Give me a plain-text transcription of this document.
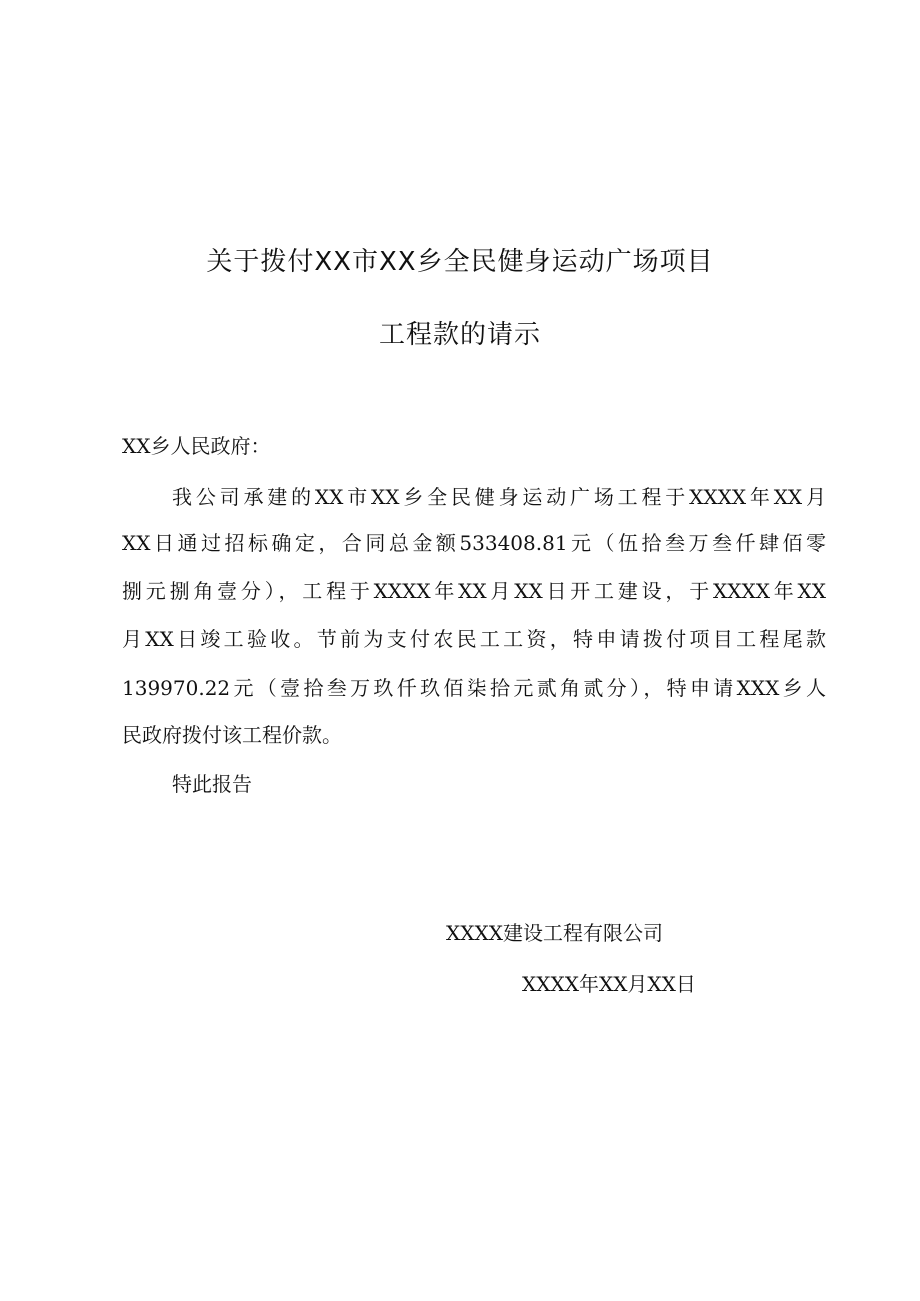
关于拨付XX市XX乡全民健身运动广场项目
工程款的请示
XX乡人民政府：
我公司承建的XX市XX乡全民健身运动广场工程于XXXX年XX月
XX日通过招标确定，合同总金额533408.81元（伍拾叁万叁仟肆佰零
捌元捌角壹分），工程于XXXX年XX月XX日开工建设，于XXXX年XX
月XX日竣工验收。节前为支付农民工工资，特申请拨付项目工程尾款
139970.22元（壹拾叁万玖仟玖佰柒拾元贰角贰分），特申请XXX乡人
民政府拨付该工程价款。
特此报告
XXXX建设工程有限公司
XXXX年XX月XX日
